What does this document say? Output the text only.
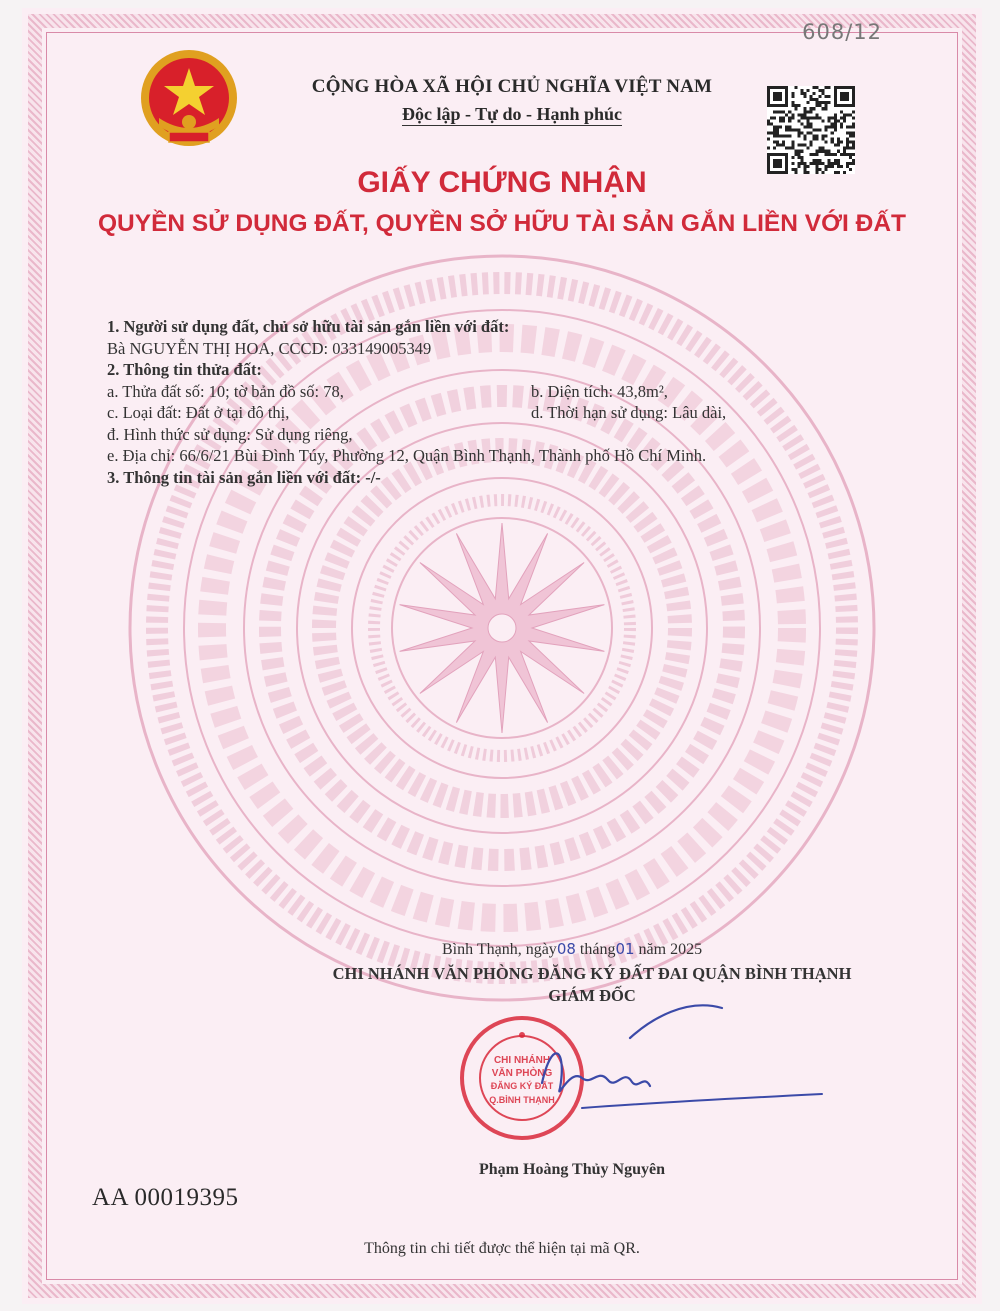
608/12
CỘNG HÒA XÃ HỘI CHỦ NGHĨA VIỆT NAM
Độc lập - Tự do - Hạnh phúc
GIẤY CHỨNG NHẬN
QUYỀN SỬ DỤNG ĐẤT, QUYỀN SỞ HỮU TÀI SẢN GẮN LIỀN VỚI ĐẤT
1. Người sử dụng đất, chủ sở hữu tài sản gắn liền với đất:
Bà NGUYỄN THỊ HOA, CCCD: 033149005349
2. Thông tin thửa đất:
a. Thửa đất số: 10; tờ bản đồ số: 78,	b. Diện tích: 43,8m²,
c. Loại đất: Đất ở tại đô thị,	d. Thời hạn sử dụng: Lâu dài,
đ. Hình thức sử dụng: Sử dụng riêng,
e. Địa chỉ: 66/6/21 Bùi Đình Túy, Phường 12, Quận Bình Thạnh, Thành phố Hồ Chí Minh.
3. Thông tin tài sản gắn liền với đất: -/-
Bình Thạnh, ngày08 tháng01 năm 2025
CHI NHÁNH VĂN PHÒNG ĐĂNG KÝ ĐẤT ĐAI QUẬN BÌNH THẠNH
GIÁM ĐỐC
CHI NHÁNH
VĂN PHÒNG
ĐĂNG KÝ ĐẤT
Q.BÌNH THẠNH
Phạm Hoàng Thủy Nguyên
AA 00019395
Thông tin chi tiết được thể hiện tại mã QR.
